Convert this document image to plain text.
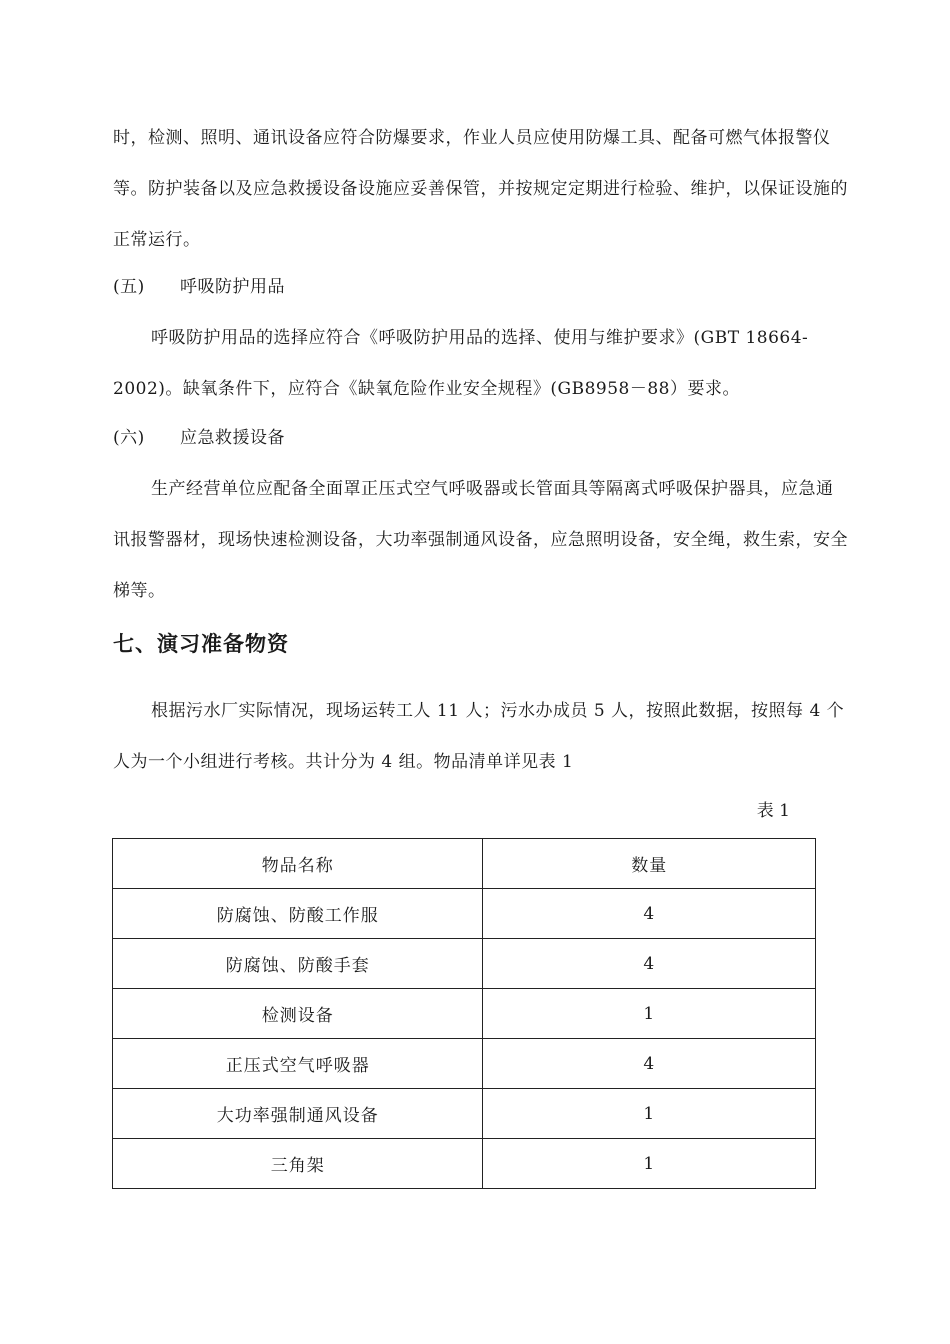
时，检测、照明、通讯设备应符合防爆要求，作业人员应使用防爆工具、配备可燃气体报警仪等。防护装备以及应急救援设备设施应妥善保管，并按规定定期进行检验、维护，以保证设施的正常运行。

(五) 呼吸防护用品

呼吸防护用品的选择应符合《呼吸防护用品的选择、使用与维护要求》(GBT 18664-2002)。缺氧条件下，应符合《缺氧危险作业安全规程》(GB8958－88）要求。

(六) 应急救援设备

生产经营单位应配备全面罩正压式空气呼吸器或长管面具等隔离式呼吸保护器具，应急通讯报警器材，现场快速检测设备，大功率强制通风设备，应急照明设备，安全绳，救生索，安全梯等。

七、演习准备物资

根据污水厂实际情况，现场运转工人 11 人；污水办成员 5 人，按照此数据，按照每 4 个人为一个小组进行考核。共计分为 4 组。物品清单详见表 1

表 1

物品名称	数量
防腐蚀、防酸工作服	4
防腐蚀、防酸手套	4
检测设备	1
正压式空气呼吸器	4
大功率强制通风设备	1
三角架	1
